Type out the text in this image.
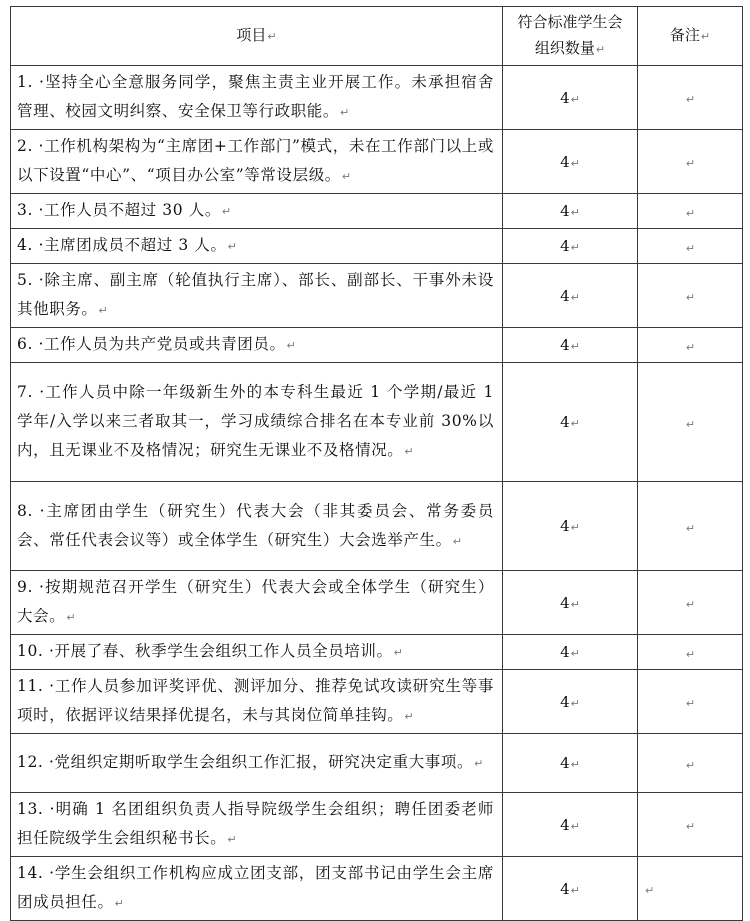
项目↵	符合标准学生会组织数量↵	备注↵
1. ·坚持全心全意服务同学，聚焦主责主业开展工作。未承担宿舍管理、校园文明纠察、安全保卫等行政职能。↵	4↵	↵
2. ·工作机构架构为“主席团+工作部门”模式，未在工作部门以上或以下设置“中心”、“项目办公室”等常设层级。↵	4↵	↵
3. ·工作人员不超过 30 人。↵	4↵	↵
4. ·主席团成员不超过 3 人。↵	4↵	↵
5. ·除主席、副主席（轮值执行主席）、部长、副部长、干事外未设其他职务。↵	4↵	↵
6. ·工作人员为共产党员或共青团员。↵	4↵	↵
7. ·工作人员中除一年级新生外的本专科生最近 1 个学期/最近 1 学年/入学以来三者取其一，学习成绩综合排名在本专业前 30%以内，且无课业不及格情况；研究生无课业不及格情况。↵	4↵	↵
8. ·主席团由学生（研究生）代表大会（非其委员会、常务委员会、常任代表会议等）或全体学生（研究生）大会选举产生。↵	4↵	↵
9. ·按期规范召开学生（研究生）代表大会或全体学生（研究生）大会。↵	4↵	↵
10. ·开展了春、秋季学生会组织工作人员全员培训。↵	4↵	↵
11. ·工作人员参加评奖评优、测评加分、推荐免试攻读研究生等事项时，依据评议结果择优提名，未与其岗位简单挂钩。↵	4↵	↵
12. ·党组织定期听取学生会组织工作汇报，研究决定重大事项。↵	4↵	↵
13. ·明确 1 名团组织负责人指导院级学生会组织；聘任团委老师担任院级学生会组织秘书长。↵	4↵	↵
14. ·学生会组织工作机构应成立团支部，团支部书记由学生会主席团成员担任。↵	4↵	↵
